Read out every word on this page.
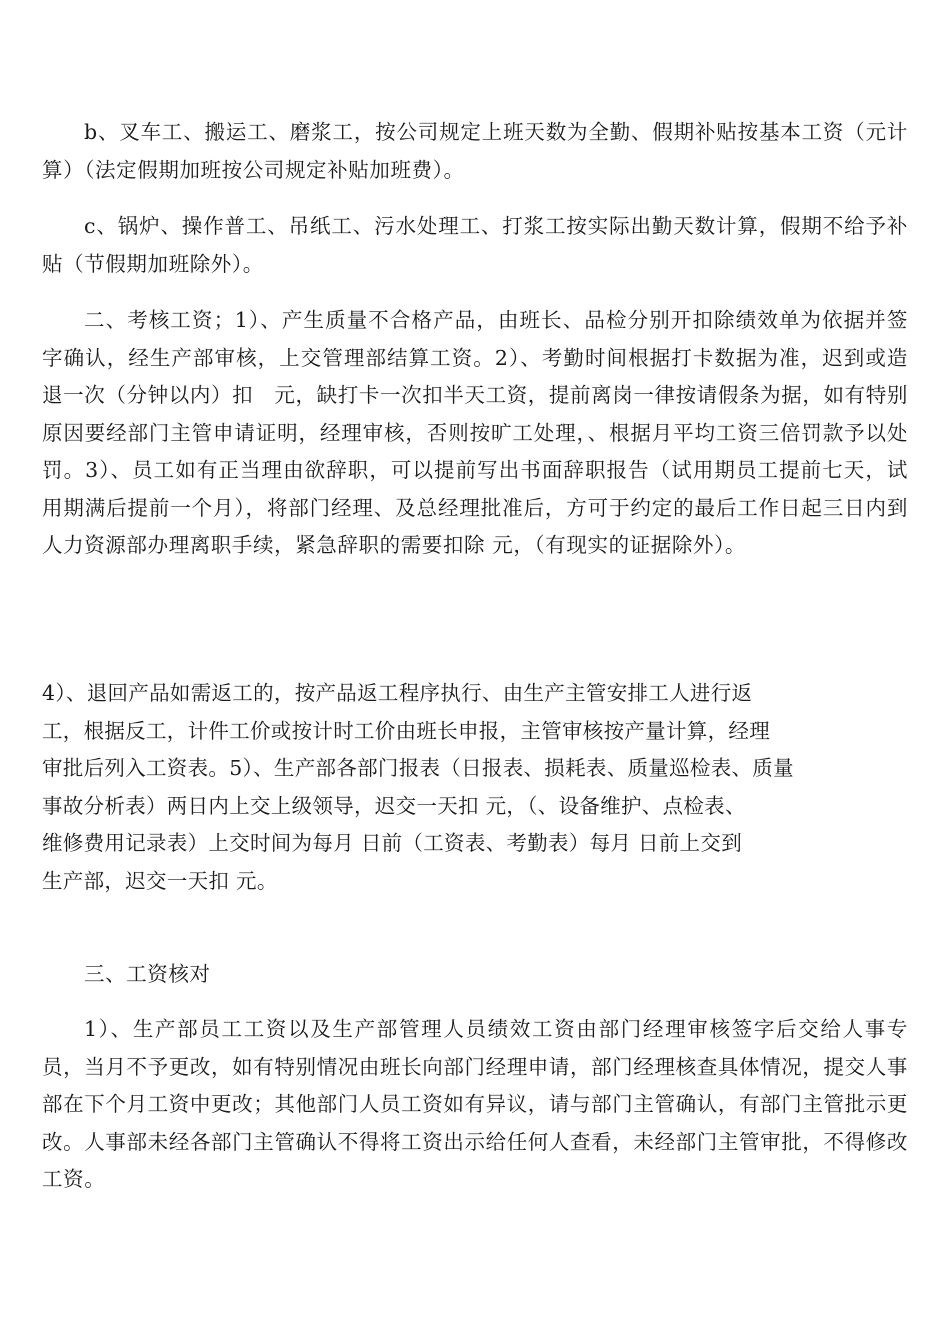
b、叉车工、搬运工、磨浆工，按公司规定上班天数为全勤、假期补贴按基本工资（元计算）（法定假期加班按公司规定补贴加班费）。

c、锅炉、操作普工、吊纸工、污水处理工、打浆工按实际出勤天数计算，假期不给予补贴（节假期加班除外）。

二、考核工资；1）、产生质量不合格产品，由班长、品检分别开扣除绩效单为依据并签字确认，经生产部审核，上交管理部结算工资。2）、考勤时间根据打卡数据为准，迟到或造退一次（分钟以内）扣　元，缺打卡一次扣半天工资，提前离岗一律按请假条为据，如有特别原因要经部门主管申请证明，经理审核，否则按旷工处理，、根据月平均工资三倍罚款予以处罚。3）、员工如有正当理由欲辞职，可以提前写出书面辞职报告（试用期员工提前七天，试用期满后提前一个月），将部门经理、及总经理批准后，方可于约定的最后工作日起三日内到人力资源部办理离职手续，紧急辞职的需要扣除 元，（有现实的证据除外）。

4）、退回产品如需返工的，按产品返工程序执行、由生产主管安排工人进行返
工，根据反工，计件工价或按计时工价由班长申报，主管审核按产量计算，经理
审批后列入工资表。5）、生产部各部门报表（日报表、损耗表、质量巡检表、质量
事故分析表）两日内上交上级领导，迟交一天扣 元，（、设备维护、点检表、
维修费用记录表）上交时间为每月 日前（工资表、考勤表）每月 日前上交到
生产部，迟交一天扣 元。

三、工资核对

1）、生产部员工工资以及生产部管理人员绩效工资由部门经理审核签字后交给人事专员，当月不予更改，如有特别情况由班长向部门经理申请，部门经理核查具体情况，提交人事部在下个月工资中更改；其他部门人员工资如有异议，请与部门主管确认，有部门主管批示更改。人事部未经各部门主管确认不得将工资出示给任何人查看，未经部门主管审批，不得修改工资。
